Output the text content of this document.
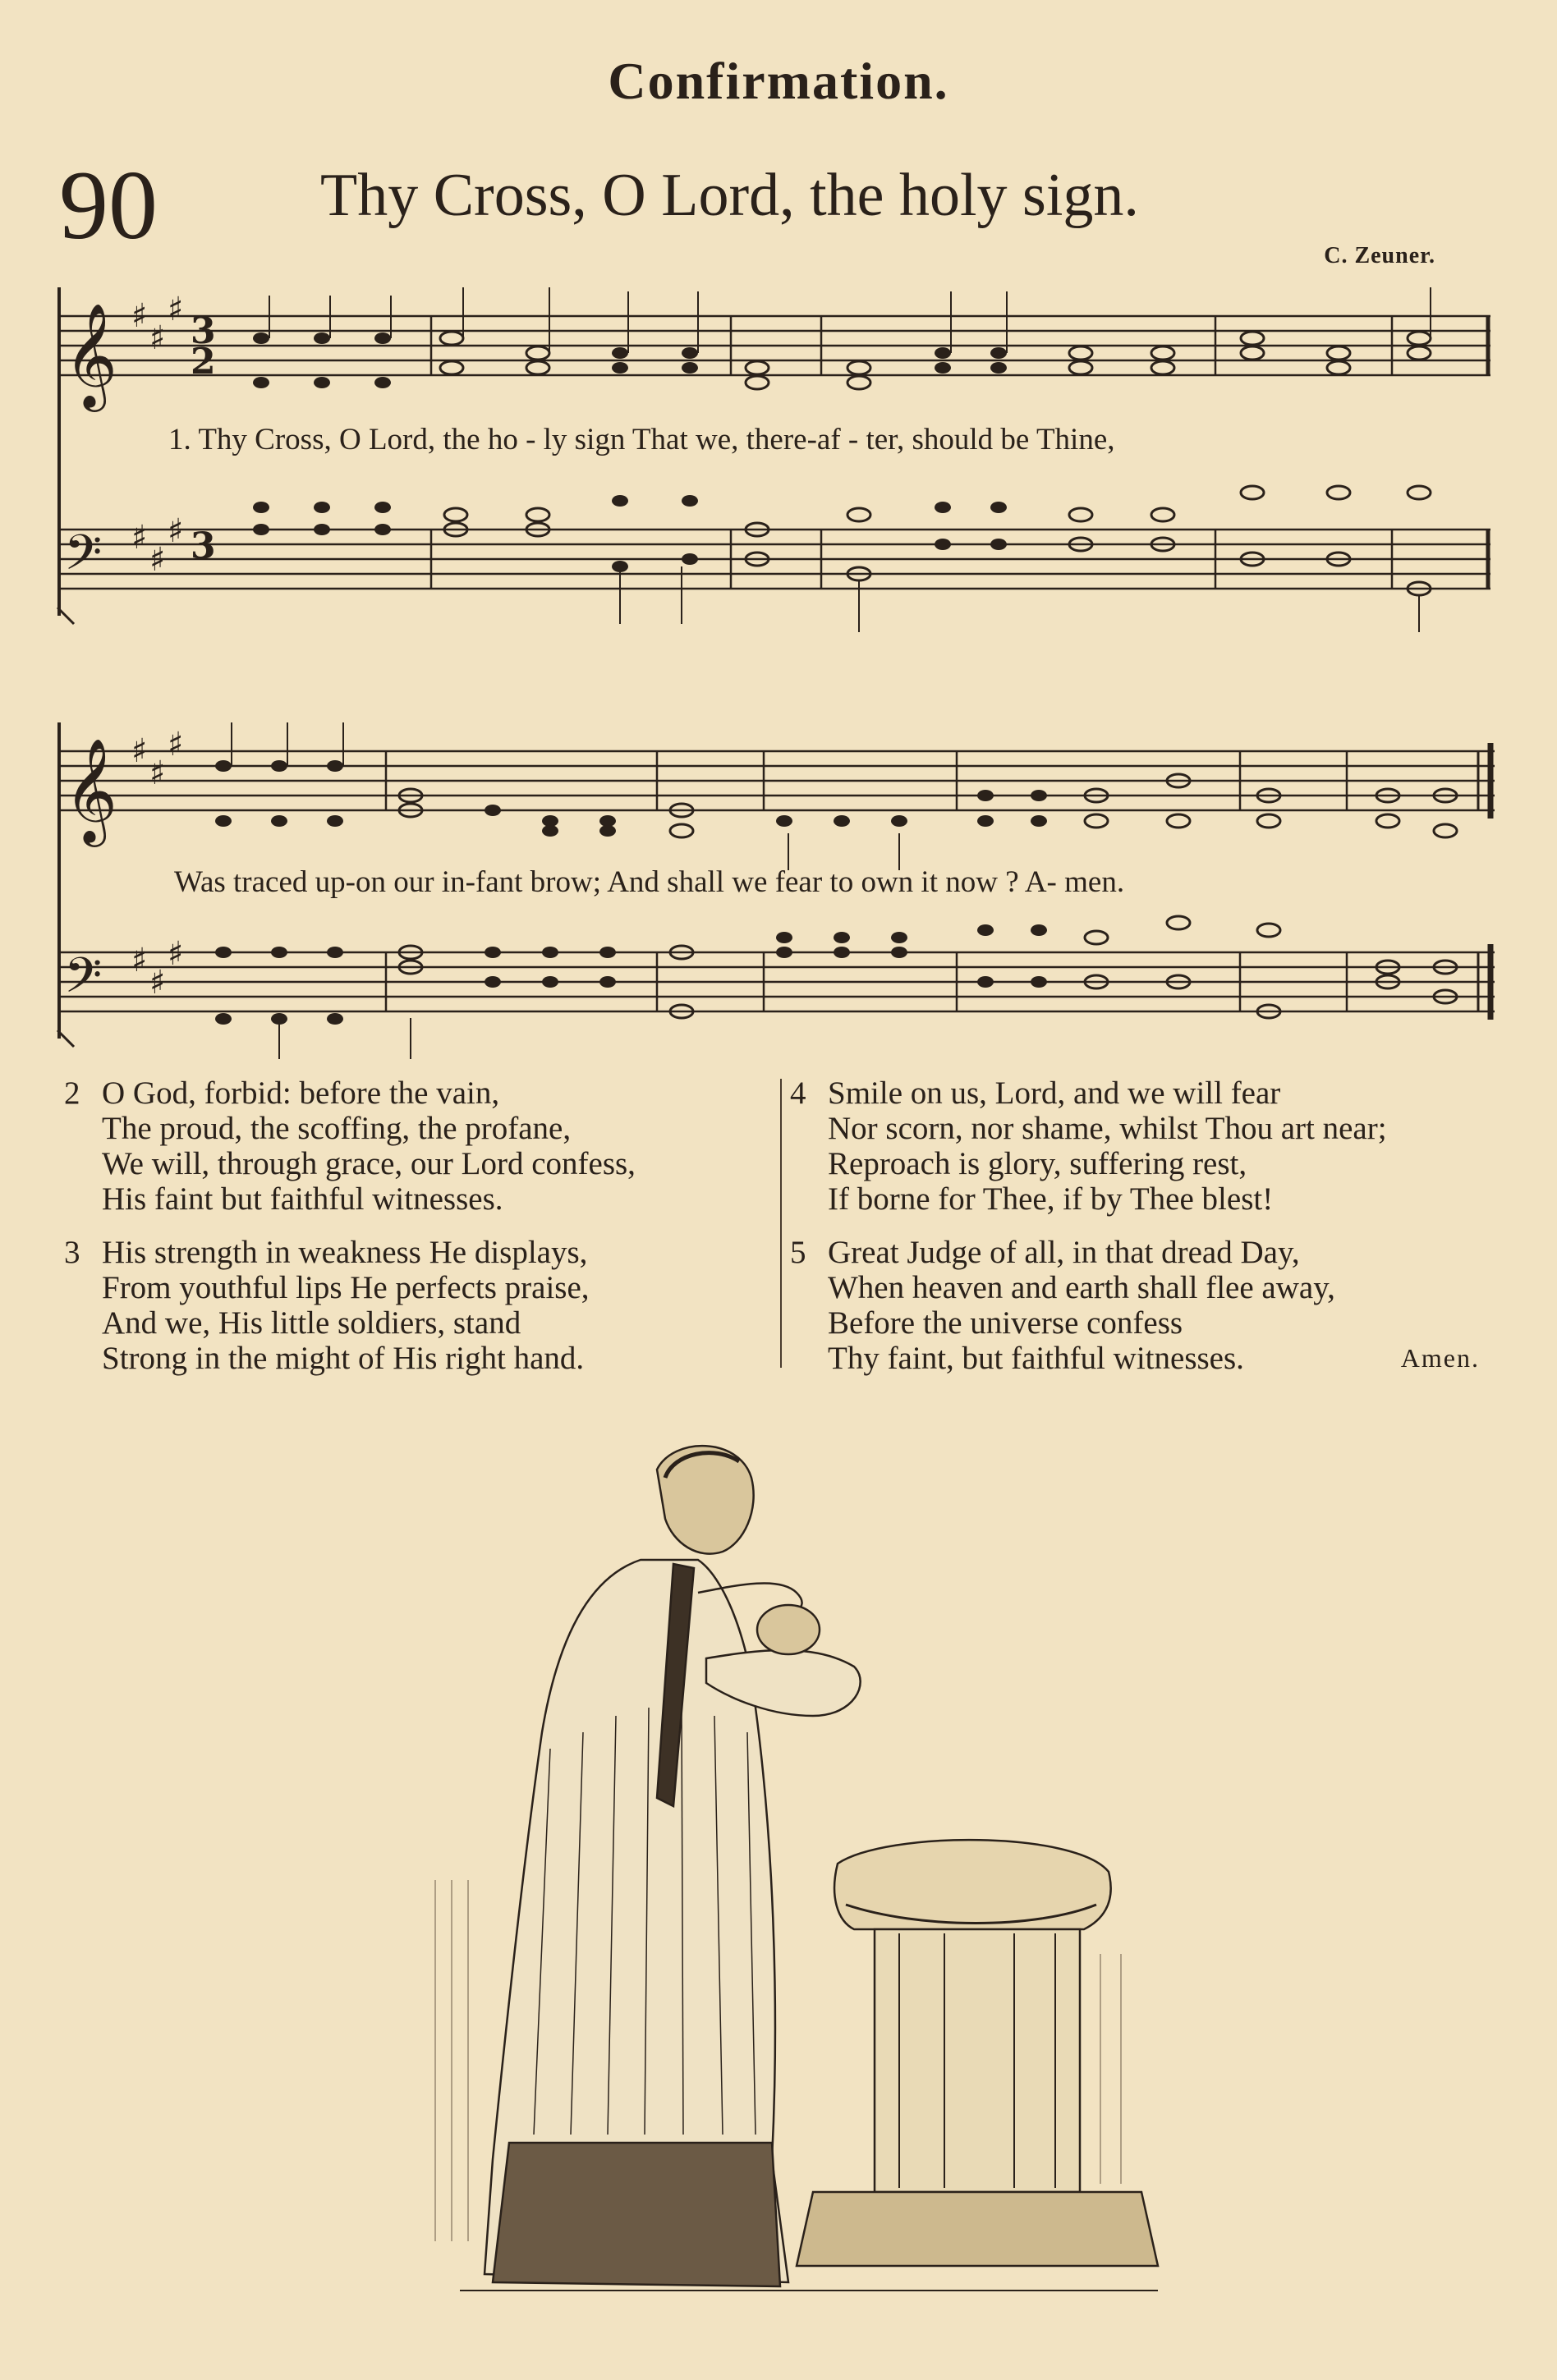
Confirmation.
90	Thy Cross, O Lord, the holy sign.
C. Zeuner.
𝄞
𝄢
𝄞
𝄢
♯
♯
♯
♯
♯
♯
♯
♯
♯
♯
♯
♯
3
2
3
1. Thy Cross, O Lord, the ho - ly sign That we, there-af - ter, should be Thine,
Was traced up-on our in-fant brow; And shall we fear to own it now ? A- men.
2 O God, forbid: before the vain,
The proud, the scoffing, the profane,
We will, through grace, our Lord confess,
His faint but faithful witnesses.
3 His strength in weakness He displays,
From youthful lips He perfects praise,
And we, His little soldiers, stand
Strong in the might of His right hand.
4 Smile on us, Lord, and we will fear
Nor scorn, nor shame, whilst Thou art near;
Reproach is glory, suffering rest,
If borne for Thee, if by Thee blest!
5 Great Judge of all, in that dread Day,
When heaven and earth shall flee away,
Before the universe confess
Thy faint, but faithful witnesses.	Amen.
